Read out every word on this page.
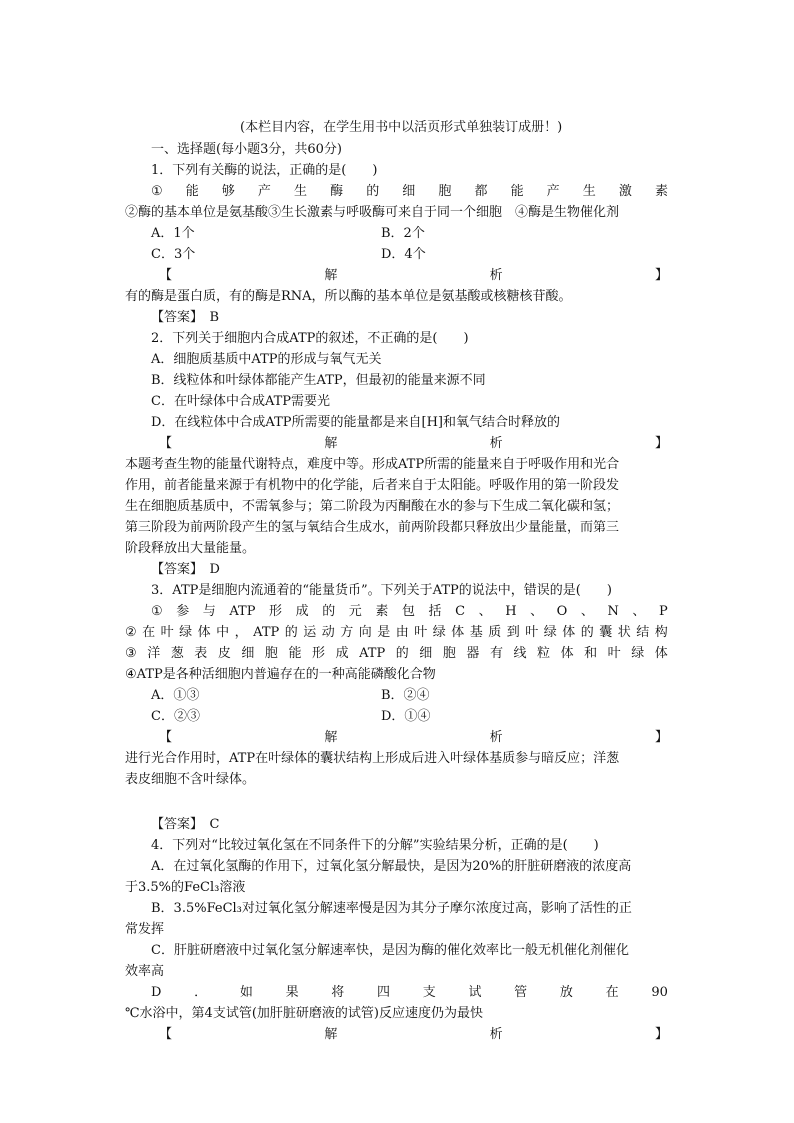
(本栏目内容，在学生用书中以活页形式单独装订成册！)
一、选择题(每小题3分，共60分)
1．下列有关酶的说法，正确的是(　　)
① 能 够 产 生 酶 的 细 胞 都 能 产 生 激 素
②酶的基本单位是氨基酸③生长激素与呼吸酶可来自于同一个细胞　④酶是生物催化剂
A．1个	B．2个
C．3个	D．4个
【	解	析	】
有的酶是蛋白质，有的酶是RNA，所以酶的基本单位是氨基酸或核糖核苷酸。
【答案】　 B
2．下列关于细胞内合成ATP的叙述，不正确的是(　　)
A．细胞质基质中ATP的形成与氧气无关
B．线粒体和叶绿体都能产生ATP，但最初的能量来源不同
C．在叶绿体中合成ATP需要光
D．在线粒体中合成ATP所需要的能量都是来自[H]和氧气结合时释放的
【	解	析	】
本题考查生物的能量代谢特点，难度中等。形成ATP所需的能量来自于呼吸作用和光合
作用，前者能量来源于有机物中的化学能，后者来自于太阳能。呼吸作用的第一阶段发
生在细胞质基质中，不需氧参与；第二阶段为丙酮酸在水的参与下生成二氧化碳和氢；
第三阶段为前两阶段产生的氢与氧结合生成水，前两阶段都只释放出少量能量，而第三
阶段释放出大量能量。
【答案】　 D
3．ATP是细胞内流通着的“能量货币”。下列关于ATP的说法中，错误的是(　　)
① 参 与 ATP 形 成 的 元 素 包 括 C 、 H 、 O 、 N 、 P
② 在 叶 绿 体 中 ， ATP 的 运 动 方 向 是 由 叶 绿 体 基 质 到 叶 绿 体 的 囊 状 结 构
③ 洋 葱 表 皮 细 胞 能 形 成 ATP 的 细 胞 器 有 线 粒 体 和 叶 绿 体
④ATP是各种活细胞内普遍存在的一种高能磷酸化合物
A．①③	B．②④
C．②③	D．①④
【	解	析	】
进行光合作用时，ATP在叶绿体的囊状结构上形成后进入叶绿体基质参与暗反应；洋葱
表皮细胞不含叶绿体。
【答案】　 C
4．下列对“比较过氧化氢在不同条件下的分解”实验结果分析，正确的是(　　)
A．在过氧化氢酶的作用下，过氧化氢分解最快，是因为20%的肝脏研磨液的浓度高
于3.5%的FeCl₃溶液
B．3.5%FeCl₃对过氧化氢分解速率慢是因为其分子摩尔浓度过高，影响了活性的正
常发挥
C．肝脏研磨液中过氧化氢分解速率快，是因为酶的催化效率比一般无机催化剂催化
效率高
D	．	如	果	将	四	支	试	管	放	在	90
℃水浴中，第4支试管(加肝脏研磨液的试管)反应速度仍为最快
【	解	析	】
